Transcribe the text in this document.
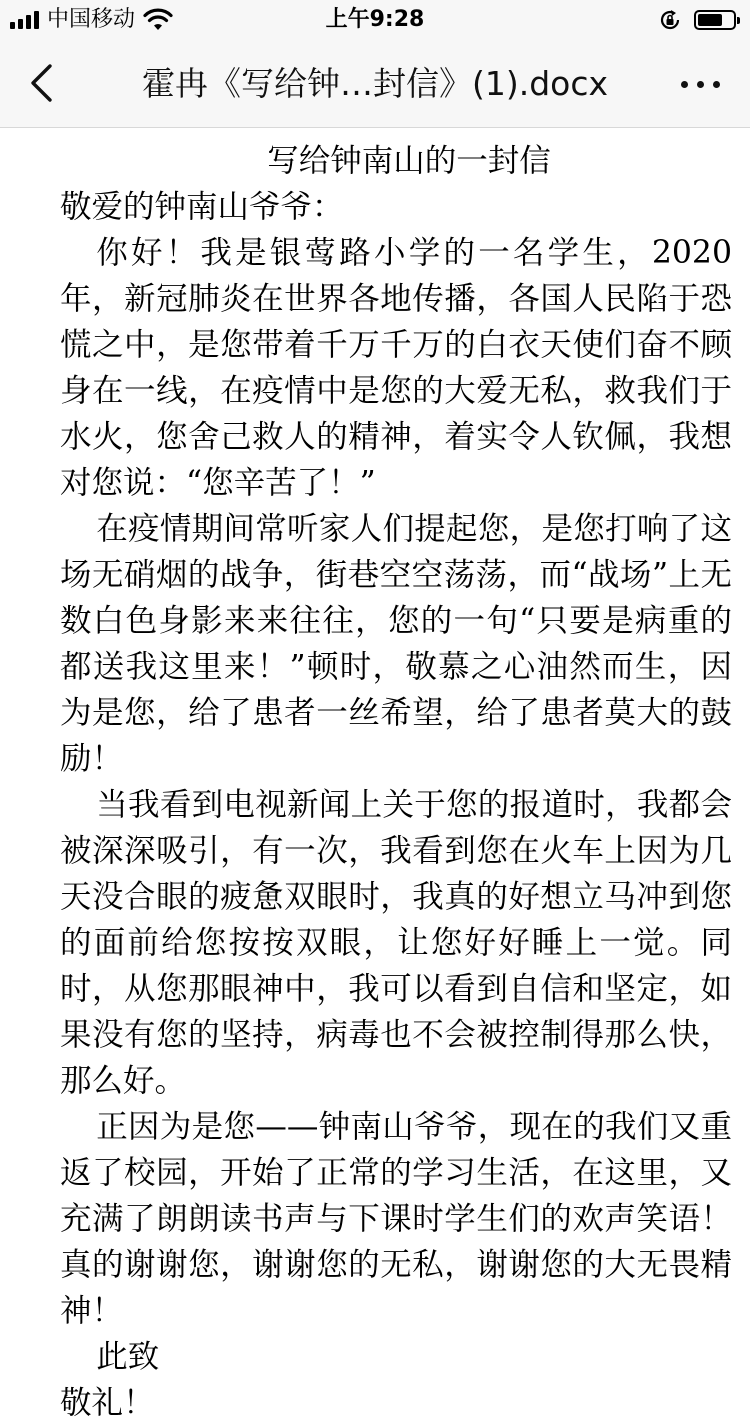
中国移动	上午9:28
霍冉《写给钟…封信》(1).docx
写给钟南山的一封信
敬爱的钟南山爷爷：
你好！我是银莺路小学的一名学生，2020年，新冠肺炎在世界各地传播，各国人民陷于恐慌之中，是您带着千万千万的白衣天使们奋不顾身在一线，在疫情中是您的大爱无私，救我们于水火，您舍己救人的精神，着实令人钦佩，我想对您说：“您辛苦了！”
在疫情期间常听家人们提起您，是您打响了这场无硝烟的战争，街巷空空荡荡，而“战场”上无数白色身影来来往往，您的一句“只要是病重的都送我这里来！”顿时，敬慕之心油然而生，因为是您，给了患者一丝希望，给了患者莫大的鼓励！
当我看到电视新闻上关于您的报道时，我都会被深深吸引，有一次，我看到您在火车上因为几天没合眼的疲惫双眼时，我真的好想立马冲到您的面前给您按按双眼，让您好好睡上一觉。同时，从您那眼神中，我可以看到自信和坚定，如果没有您的坚持，病毒也不会被控制得那么快，那么好。
正因为是您——钟南山爷爷，现在的我们又重返了校园，开始了正常的学习生活，在这里，又充满了朗朗读书声与下课时学生们的欢声笑语！真的谢谢您，谢谢您的无私，谢谢您的大无畏精神！
此致
敬礼！
